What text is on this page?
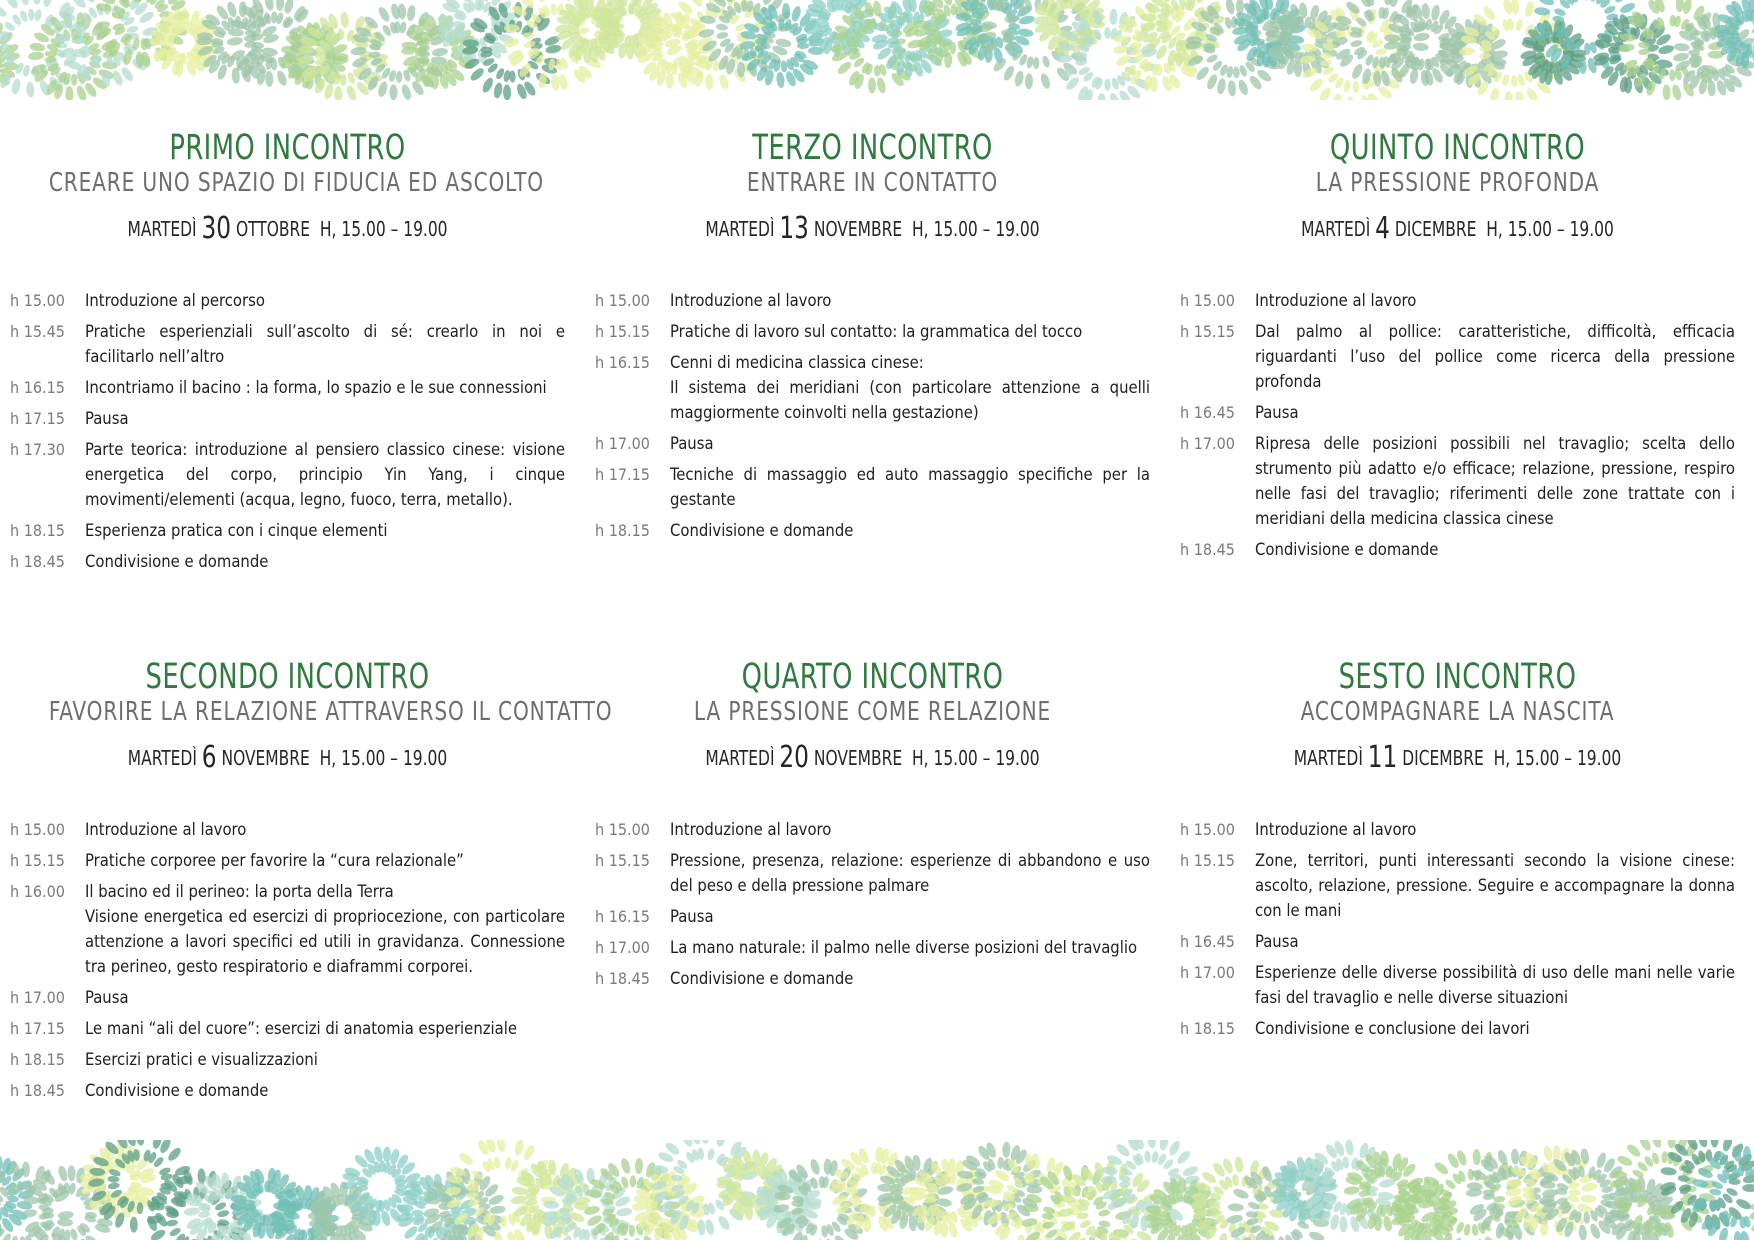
PRIMO INCONTRO
CREARE UNO SPAZIO DI FIDUCIA ED ASCOLTO
MARTEDÌ 30 OTTOBRE H, 15.00 – 19.00
h 15.00	Introduzione al percorso
h 15.45	Pratiche esperienziali sull’ascolto di sé: crearlo in noi e facilitarlo nell’altro
h 16.15	Incontriamo il bacino : la forma, lo spazio e le sue connessioni
h 17.15	Pausa
h 17.30	Parte teorica: introduzione al pensiero classico cinese: visione energetica del corpo, principio Yin Yang, i cinque movimenti/elementi (acqua, legno, fuoco, terra, metallo).
h 18.15	Esperienza pratica con i cinque elementi
h 18.45	Condivisione e domande
TERZO INCONTRO
ENTRARE IN CONTATTO
MARTEDÌ 13 NOVEMBRE H, 15.00 – 19.00
h 15.00	Introduzione al lavoro
h 15.15	Pratiche di lavoro sul contatto: la grammatica del tocco
h 16.15	Cenni di medicina classica cinese:
Il sistema dei meridiani (con particolare attenzione a quelli maggiormente coinvolti nella gestazione)
h 17.00	Pausa
h 17.15	Tecniche di massaggio ed auto massaggio specifiche per la gestante
h 18.15	Condivisione e domande
QUINTO INCONTRO
LA PRESSIONE PROFONDA
MARTEDÌ 4 DICEMBRE H, 15.00 – 19.00
h 15.00	Introduzione al lavoro
h 15.15	Dal palmo al pollice: caratteristiche, difficoltà, efficacia riguardanti l’uso del pollice come ricerca della pressione profonda
h 16.45	Pausa
h 17.00	Ripresa delle posizioni possibili nel travaglio; scelta dello strumento più adatto e/o efficace; relazione, pressione, respiro nelle fasi del travaglio; riferimenti delle zone trattate con i meridiani della medicina classica cinese
h 18.45	Condivisione e domande
SECONDO INCONTRO
FAVORIRE LA RELAZIONE ATTRAVERSO IL CONTATTO
MARTEDÌ 6 NOVEMBRE H, 15.00 – 19.00
h 15.00	Introduzione al lavoro
h 15.15	Pratiche corporee per favorire la “cura relazionale”
h 16.00	Il bacino ed il perineo: la porta della Terra
Visione energetica ed esercizi di propriocezione, con particolare attenzione a lavori specifici ed utili in gravidanza. Connessione tra perineo, gesto respiratorio e diaframmi corporei.
h 17.00	Pausa
h 17.15	Le mani “ali del cuore”: esercizi di anatomia esperienziale
h 18.15	Esercizi pratici e visualizzazioni
h 18.45	Condivisione e domande
QUARTO INCONTRO
LA PRESSIONE COME RELAZIONE
MARTEDÌ 20 NOVEMBRE H, 15.00 – 19.00
h 15.00	Introduzione al lavoro
h 15.15	Pressione, presenza, relazione: esperienze di abbandono e uso del peso e della pressione palmare
h 16.15	Pausa
h 17.00	La mano naturale: il palmo nelle diverse posizioni del travaglio
h 18.45	Condivisione e domande
SESTO INCONTRO
ACCOMPAGNARE LA NASCITA
MARTEDÌ 11 DICEMBRE H, 15.00 – 19.00
h 15.00	Introduzione al lavoro
h 15.15	Zone, territori, punti interessanti secondo la visione cinese: ascolto, relazione, pressione. Seguire e accompagnare la donna con le mani
h 16.45	Pausa
h 17.00	Esperienze delle diverse possibilità di uso delle mani nelle varie fasi del travaglio e nelle diverse situazioni
h 18.15	Condivisione e conclusione dei lavori
